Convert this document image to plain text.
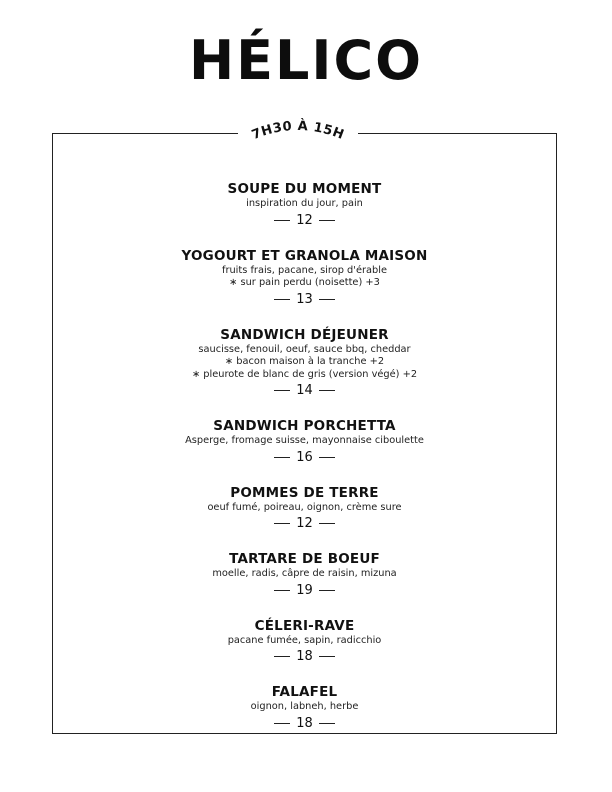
HÉLICO
7H30 À 15H
SOUPE DU MOMENT
inspiration du jour, pain
12
YOGOURT ET GRANOLA MAISON
fruits frais, pacane, sirop d'érable
∗ sur pain perdu (noisette) +3
13
SANDWICH DÉJEUNER
saucisse, fenouil, oeuf, sauce bbq, cheddar
∗ bacon maison à la tranche +2
∗ pleurote de blanc de gris (version végé) +2
14
SANDWICH PORCHETTA
Asperge, fromage suisse, mayonnaise ciboulette
16
POMMES DE TERRE
oeuf fumé, poireau, oignon, crème sure
12
TARTARE DE BOEUF
moelle, radis, câpre de raisin, mizuna
19
CÉLERI-RAVE
pacane fumée, sapin, radicchio
18
FALAFEL
oignon, labneh, herbe
18
